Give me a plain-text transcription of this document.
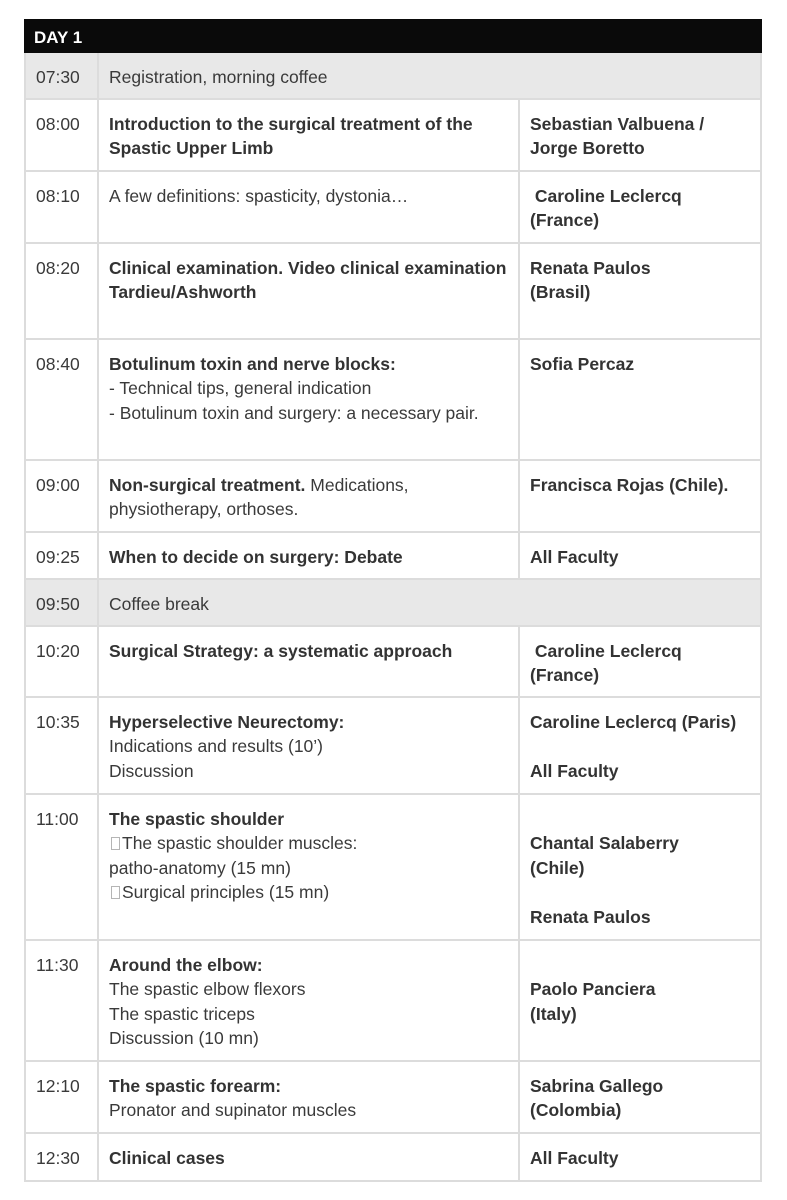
DAY 1		
07:30	Registration, morning coffee	
08:00	Introduction to the surgical treatment of the Spastic Upper Limb	Sebastian Valbuena / Jorge Boretto
08:10	A few definitions: spasticity, dystonia…	Caroline Leclercq (France)
08:20	Clinical examination. Video clinical examination
Tardieu/Ashworth	Renata Paulos
(Brasil)

08:40	Botulinum toxin and nerve blocks:
- Technical tips, general indication
- Botulinum toxin and surgery: a necessary pair.	Sofia Percaz
09:00	Non-surgical treatment. Medications, physiotherapy, orthoses.	Francisca Rojas (Chile).
09:25	When to decide on surgery: Debate	All Faculty
09:50	Coffee break	
10:20	Surgical Strategy: a systematic approach	Caroline Leclercq (France)
10:35	Hyperselective Neurectomy:
Indications and results (10’)
Discussion	Caroline Leclercq (Paris)

All Faculty

11:00	The spastic shoulder
The spastic shoulder muscles:
patho-anatomy (15 mn)
Surgical principles (15 mn)	Chantal Salaberry
(Chile)

Renata Paulos

11:30	Around the elbow:
The spastic elbow flexors
The spastic triceps
Discussion (10 mn)	Paolo Panciera
(Italy)

12:10	The spastic forearm:
Pronator and supinator muscles	Sabrina Gallego
(Colombia)

12:30	Clinical cases	All Faculty
